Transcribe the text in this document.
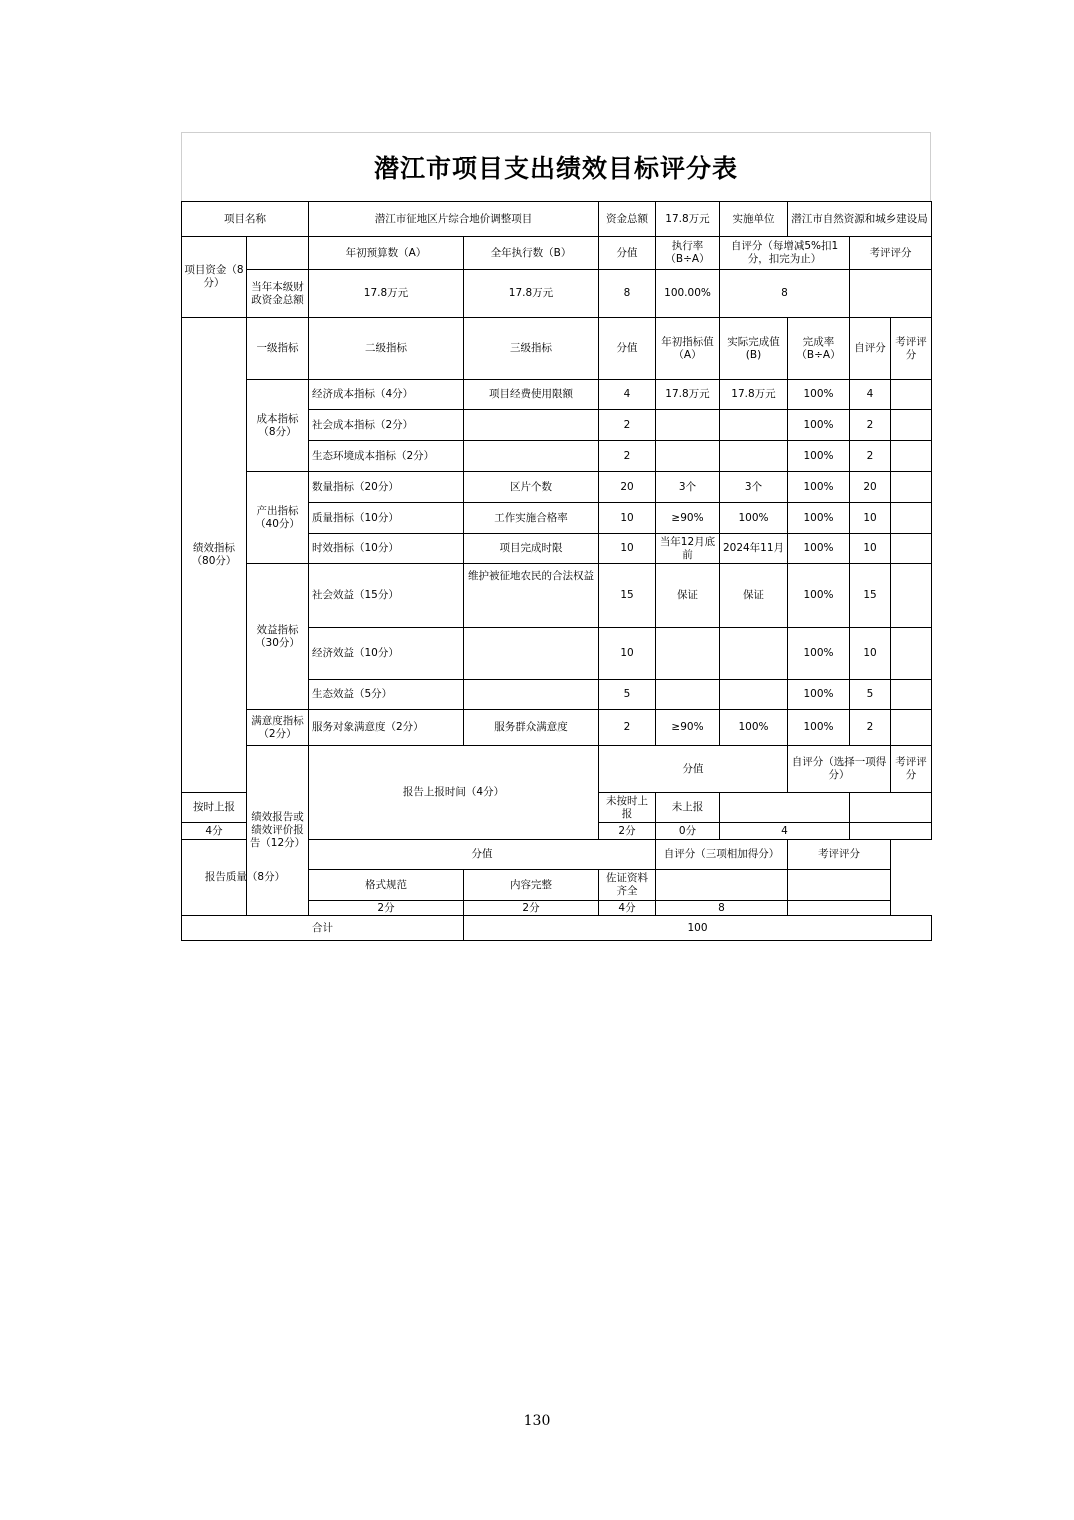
潜江市项目支出绩效目标评分表
项目名称		潜江市征地区片综合地价调整项目		资金总额	17.8万元	实施单位	潜江市自然资源和城乡建设局			
项目资金（8分）		年初预算数（A）	全年执行数（B）	分值	执行率（B÷A）	自评分（每增减5%扣1分，扣完为止）		考评评分		
	当年本级财政资金总额	17.8万元	17.8万元	8	100.00%	8				
绩效指标（80分）	一级指标	二级指标	三级指标	分值	年初指标值（A）	实际完成值(B)	完成率（B÷A）	自评分	考评评分	
	成本指标（8分）	经济成本指标（4分）	项目经费使用限额	4	17.8万元	17.8万元	100%	4		
		社会成本指标（2分）		2			100%	2		
		生态环境成本指标（2分）		2			100%	2		
	产出指标（40分）	数量指标（20分）	区片个数	20	3个	3个	100%	20		
		质量指标（10分）	工作实施合格率	10	≥90%	100%	100%	10		
		时效指标（10分）	项目完成时限	10	当年12月底前	2024年11月	100%	10		
	效益指标（30分）	社会效益（15分）	维护被征地农民的合法权益	15	保证	保证	100%	15		
		经济效益（10分）		10			100%	10		
		生态效益（5分）		5			100%	5		
	满意度指标（2分）	服务对象满意度（2分）	服务群众满意度	2	≥90%	100%	100%	2		
	绩效报告或绩效评价报告（12分）	报告上报时间（4分）		分值			自评分（选择一项得分）		考评评分	
按时上报				未按时上报	未上报					
4分				2分	0分	4				
报告质量（8分）		分值			自评分（三项相加得分）		考评评分			
		格式规范	内容完整	佐证资料齐全						
		2分	2分	4分	8					
合计			100							
130
